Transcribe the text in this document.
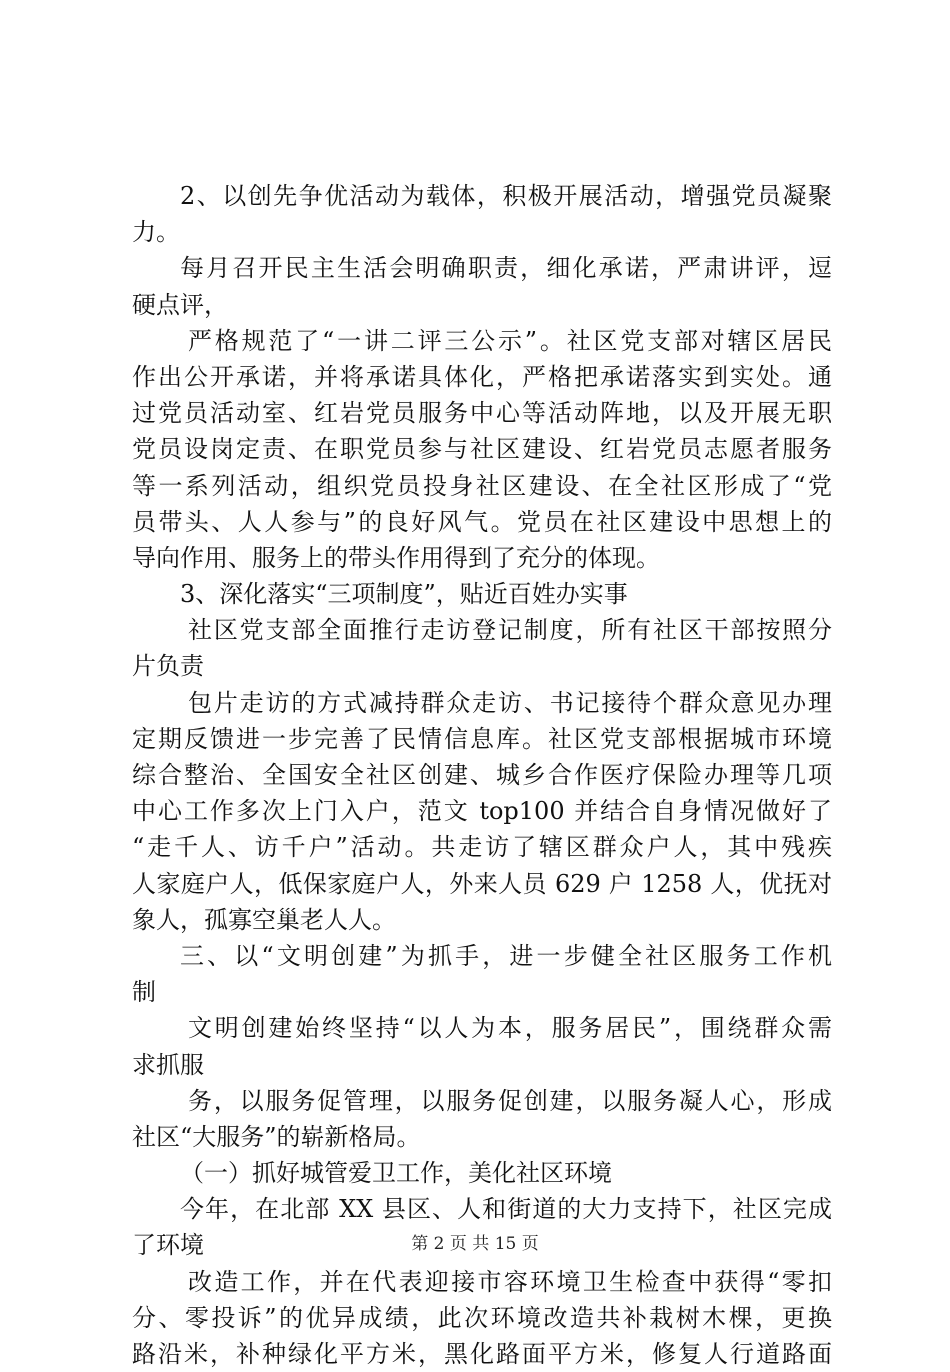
2、以创先争优活动为载体，积极开展活动，增强党员凝聚
力。
每月召开民主生活会明确职责，细化承诺，严肃讲评，逗
硬点评，
严格规范了“一讲二评三公示”。社区党支部对辖区居民
作出公开承诺，并将承诺具体化，严格把承诺落实到实处。通
过党员活动室、红岩党员服务中心等活动阵地，以及开展无职
党员设岗定责、在职党员参与社区建设、红岩党员志愿者服务
等一系列活动，组织党员投身社区建设、在全社区形成了“党
员带头、人人参与”的良好风气。党员在社区建设中思想上的
导向作用、服务上的带头作用得到了充分的体现。
3、深化落实“三项制度”，贴近百姓办实事
社区党支部全面推行走访登记制度，所有社区干部按照分
片负责
包片走访的方式减持群众走访、书记接待个群众意见办理
定期反馈进一步完善了民情信息库。社区党支部根据城市环境
综合整治、全国安全社区创建、城乡合作医疗保险办理等几项
中心工作多次上门入户，范文 top100 并结合自身情况做好了
“走千人、访千户”活动。共走访了辖区群众户人，其中残疾
人家庭户人，低保家庭户人，外来人员 629 户 1258 人，优抚对
象人，孤寡空巢老人人。
三、以“文明创建”为抓手，进一步健全社区服务工作机
制
文明创建始终坚持“以人为本，服务居民”，围绕群众需
求抓服
务，以服务促管理，以服务促创建，以服务凝人心，形成
社区“大服务”的崭新格局。
（一）抓好城管爱卫工作，美化社区环境
今年，在北部 XX 县区、人和街道的大力支持下，社区完成
了环境
改造工作，并在代表迎接市容环境卫生检查中获得“零扣
分、零投诉”的优异成绩，此次环境改造共补栽树木棵，更换
路沿米，补种绿化平方米，黑化路面平方米，修复人行道路面
第 2 页 共 15 页
